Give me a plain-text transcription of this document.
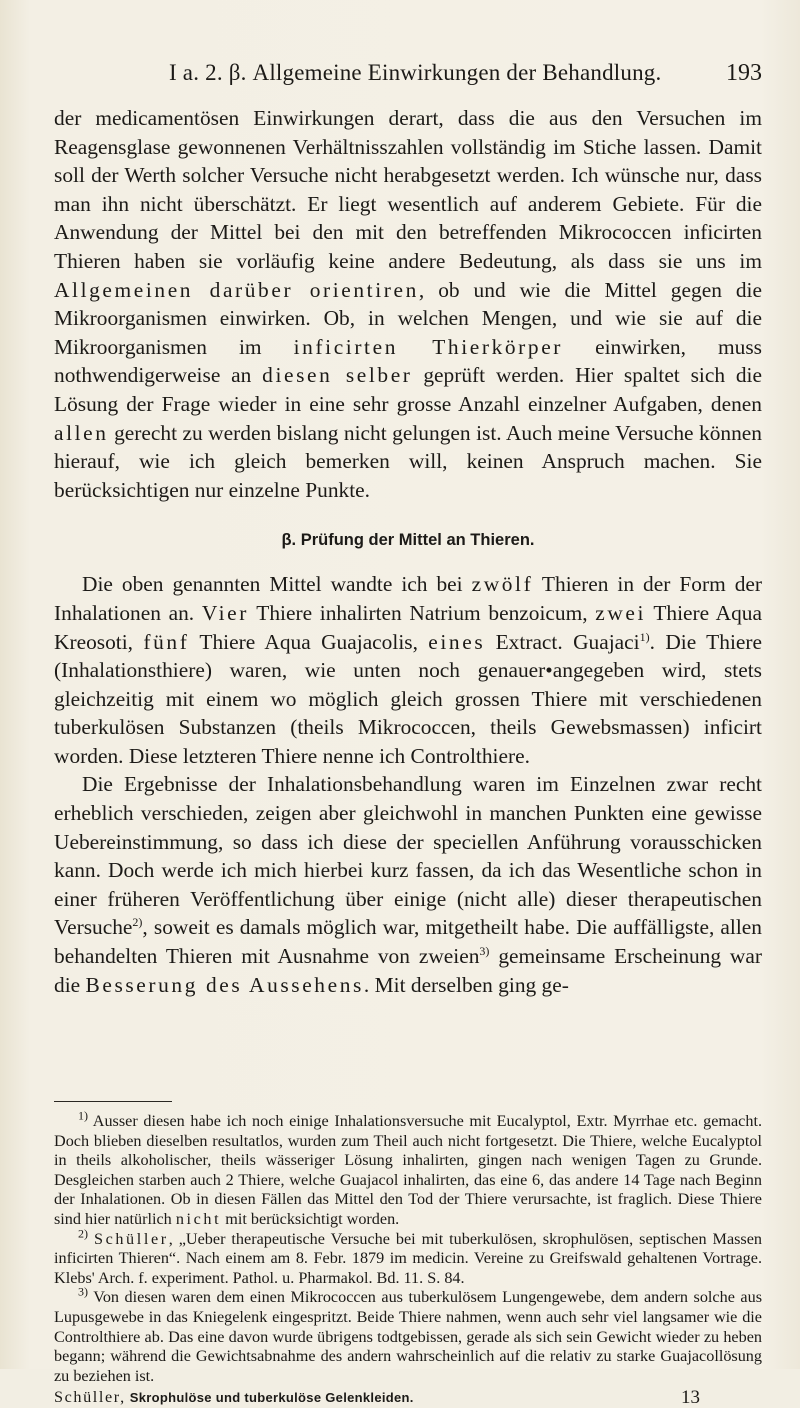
I a. 2. β. Allgemeine Einwirkungen der Behandlung.	193

der medicamentösen Einwirkungen derart, dass die aus den Versuchen im Reagensglase gewonnenen Verhältnisszahlen vollständig im Stiche lassen. Damit soll der Werth solcher Versuche nicht herabgesetzt werden. Ich wünsche nur, dass man ihn nicht überschätzt. Er liegt wesentlich auf anderem Gebiete. Für die Anwendung der Mittel bei den mit den betreffenden Mikrococcen inficirten Thieren haben sie vorläufig keine andere Bedeutung, als dass sie uns im Allgemeinen darüber orientiren, ob und wie die Mittel gegen die Mikroorganismen einwirken. Ob, in welchen Mengen, und wie sie auf die Mikroorganismen im inficirten Thierkörper einwirken, muss nothwendigerweise an diesen selber geprüft werden. Hier spaltet sich die Lösung der Frage wieder in eine sehr grosse Anzahl einzelner Aufgaben, denen allen gerecht zu werden bislang nicht gelungen ist. Auch meine Versuche können hierauf, wie ich gleich bemerken will, keinen Anspruch machen. Sie berücksichtigen nur einzelne Punkte.

β. Prüfung der Mittel an Thieren.

Die oben genannten Mittel wandte ich bei zwölf Thieren in der Form der Inhalationen an. Vier Thiere inhalirten Natrium benzoicum, zwei Thiere Aqua Kreosoti, fünf Thiere Aqua Guajacolis, eines Extract. Guajaci$^{1)}$. Die Thiere (Inhalationsthiere) waren, wie unten noch genauer•angegeben wird, stets gleichzeitig mit einem wo möglich gleich grossen Thiere mit verschiedenen tuberkulösen Substanzen (theils Mikrococcen, theils Gewebsmassen) inficirt worden. Diese letzteren Thiere nenne ich Controlthiere.

Die Ergebnisse der Inhalationsbehandlung waren im Einzelnen zwar recht erheblich verschieden, zeigen aber gleichwohl in manchen Punkten eine gewisse Uebereinstimmung, so dass ich diese der speciellen Anführung vorausschicken kann. Doch werde ich mich hierbei kurz fassen, da ich das Wesentliche schon in einer früheren Veröffentlichung über einige (nicht alle) dieser therapeutischen Versuche$^{2)}$, soweit es damals möglich war, mitgetheilt habe. Die auffälligste, allen behandelten Thieren mit Ausnahme von zweien$^{3)}$ gemeinsame Erscheinung war die Besserung des Aussehens. Mit derselben ging ge-

$^{1)}$ Ausser diesen habe ich noch einige Inhalationsversuche mit Eucalyptol, Extr. Myrrhae etc. gemacht. Doch blieben dieselben resultatlos, wurden zum Theil auch nicht fortgesetzt. Die Thiere, welche Eucalyptol in theils alkoholischer, theils wässeriger Lösung inhalirten, gingen nach wenigen Tagen zu Grunde. Desgleichen starben auch 2 Thiere, welche Guajacol inhalirten, das eine 6, das andere 14 Tage nach Beginn der Inhalationen. Ob in diesen Fällen das Mittel den Tod der Thiere verursachte, ist fraglich. Diese Thiere sind hier natürlich nicht mit berücksichtigt worden.

$^{2)}$ Schüller, „Ueber therapeutische Versuche bei mit tuberkulösen, skrophulösen, septischen Massen inficirten Thieren“. Nach einem am 8. Febr. 1879 im medicin. Vereine zu Greifswald gehaltenen Vortrage. Klebs' Arch. f. experiment. Pathol. u. Pharmakol. Bd. 11. S. 84.

$^{3)}$ Von diesen waren dem einen Mikrococcen aus tuberkulösem Lungengewebe, dem andern solche aus Lupusgewebe in das Kniegelenk eingespritzt. Beide Thiere nahmen, wenn auch sehr viel langsamer wie die Controlthiere ab. Das eine davon wurde übrigens todtgebissen, gerade als sich sein Gewicht wieder zu heben begann; während die Gewichtsabnahme des andern wahrscheinlich auf die relativ zu starke Guajacollösung zu beziehen ist.

Schüller, Skrophulöse und tuberkulöse Gelenkleiden.	13
